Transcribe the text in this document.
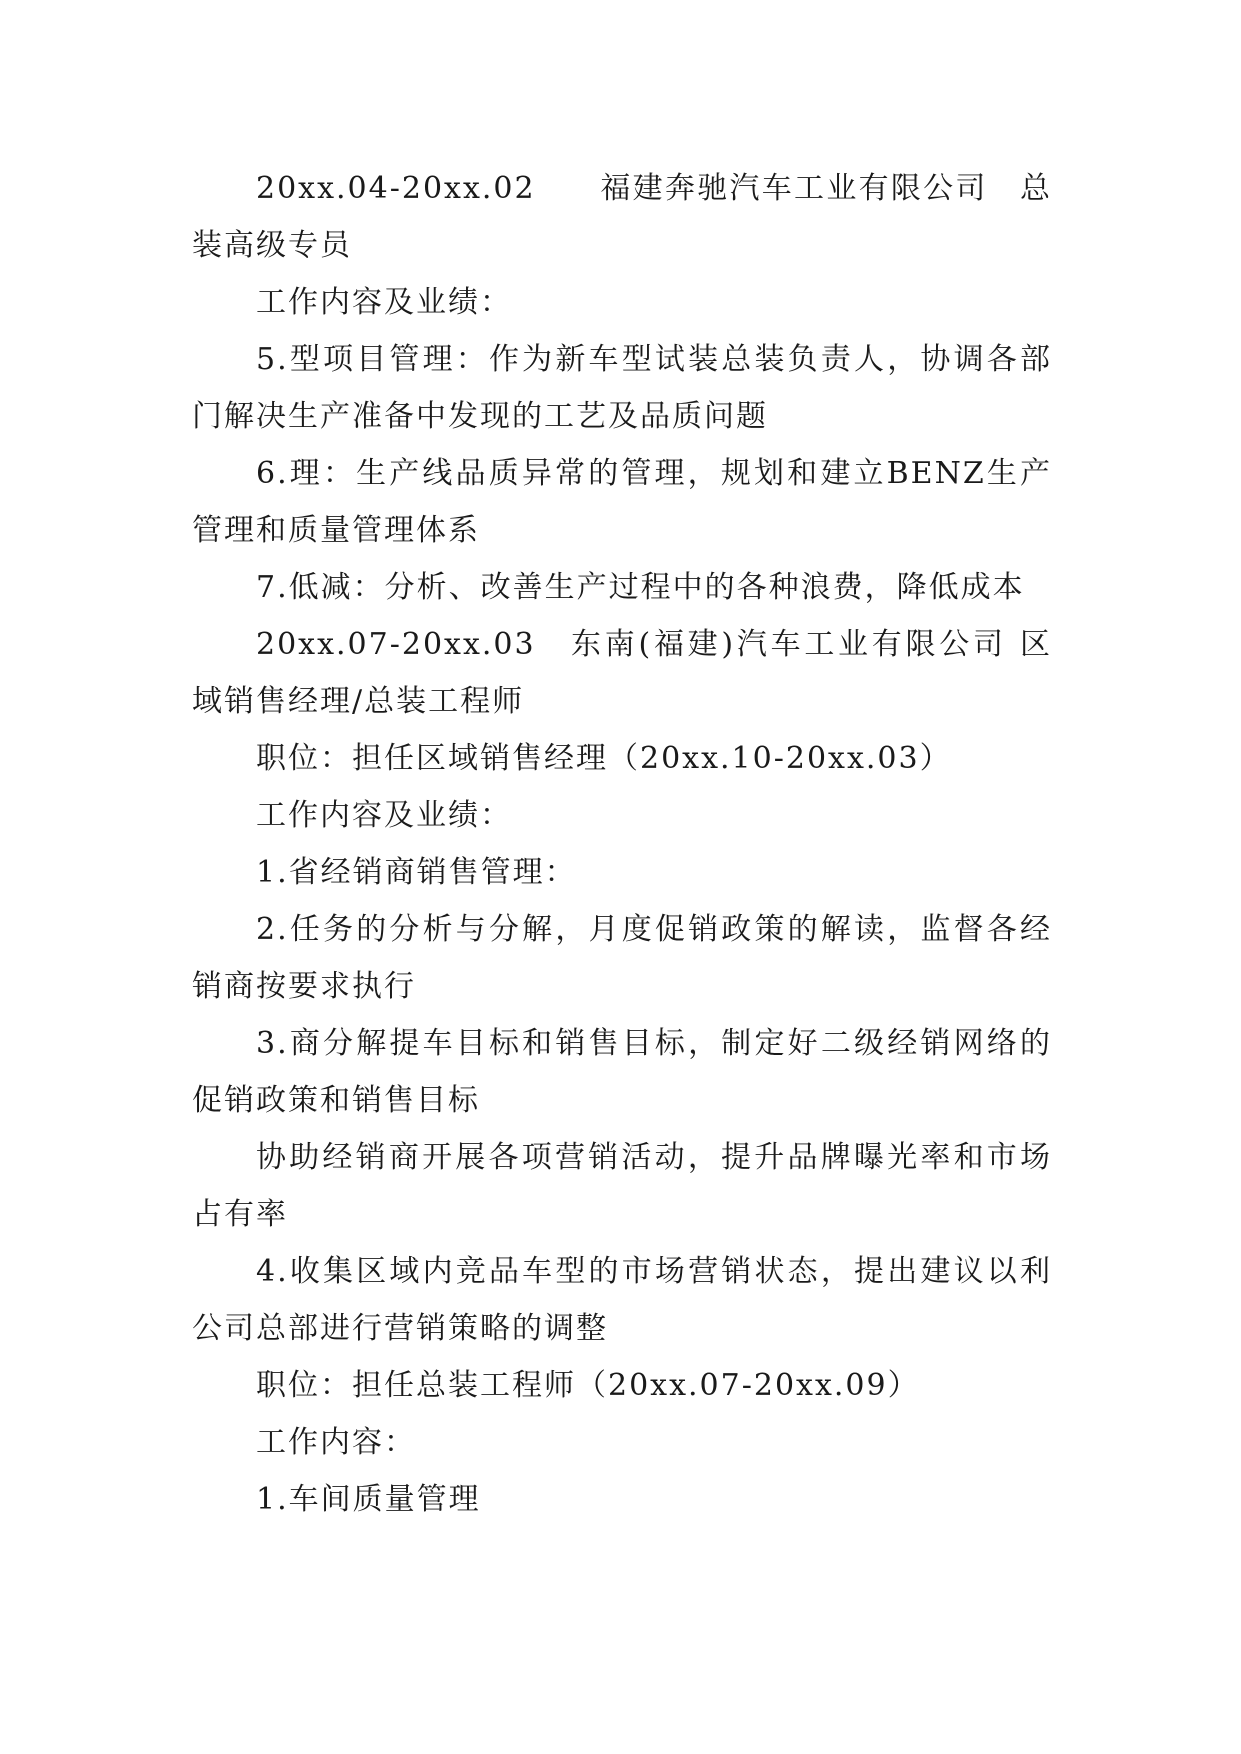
20xx.04-20xx.02　　福建奔驰汽车工业有限公司　总装高级专员

工作内容及业绩：

5.型项目管理：作为新车型试装总装负责人，协调各部门解决生产准备中发现的工艺及品质问题

6.理：生产线品质异常的管理，规划和建立BENZ生产管理和质量管理体系

7.低减：分析、改善生产过程中的各种浪费，降低成本

20xx.07-20xx.03　东南(福建)汽车工业有限公司 区域销售经理/总装工程师

职位：担任区域销售经理（20xx.10-20xx.03）

工作内容及业绩：

1.省经销商销售管理：

2.任务的分析与分解，月度促销政策的解读，监督各经销商按要求执行

3.商分解提车目标和销售目标，制定好二级经销网络的促销政策和销售目标

协助经销商开展各项营销活动，提升品牌曝光率和市场占有率

4.收集区域内竞品车型的市场营销状态，提出建议以利公司总部进行营销策略的调整

职位：担任总装工程师（20xx.07-20xx.09）

工作内容：

1.车间质量管理
